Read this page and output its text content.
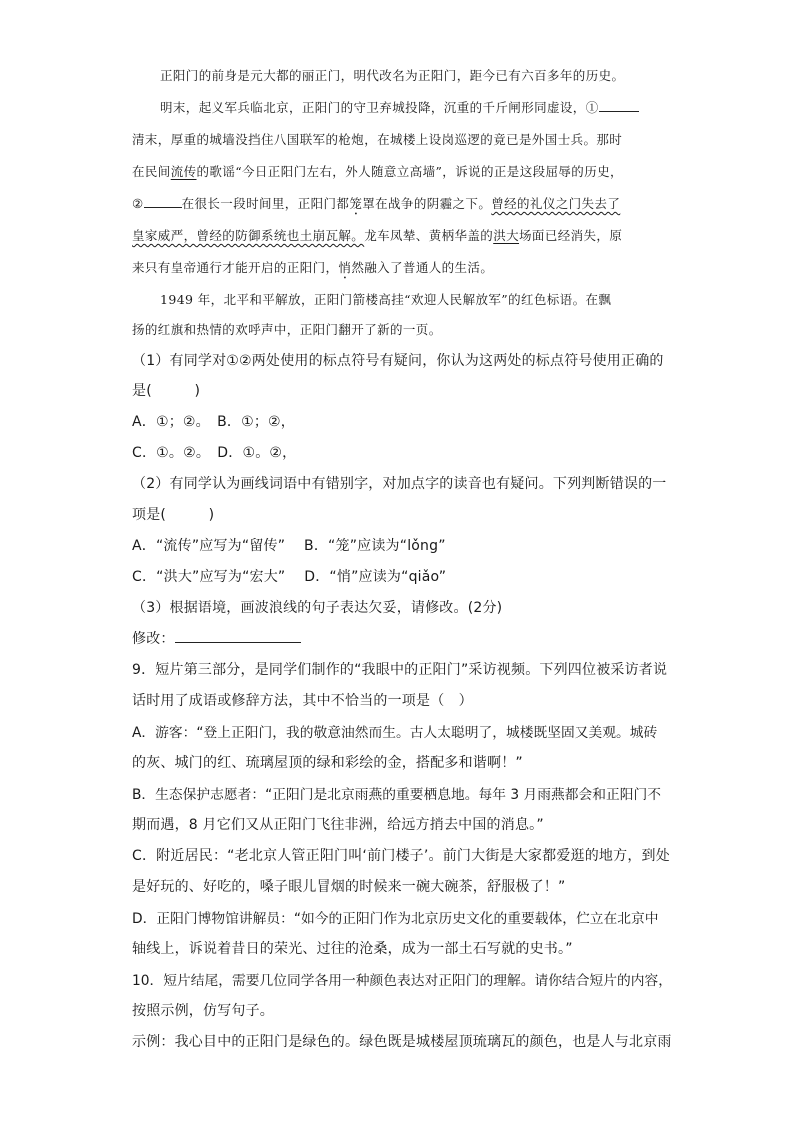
正阳门的前身是元大都的丽正门，明代改名为正阳门，距今已有六百多年的历史。
明末，起义军兵临北京，正阳门的守卫弃城投降，沉重的千斤闸形同虚设，①
清末，厚重的城墙没挡住八国联军的枪炮，在城楼上设岗巡逻的竟已是外国士兵。那时
在民间流传的歌谣“今日正阳门左右，外人随意立高墙”，诉说的正是这段屈辱的历史，
②	在很长一段时间里，正阳门都笼罩在战争的阴霾之下。曾经的礼仪之门失去了
皇家威严，曾经的防御系统也土崩瓦解。龙车凤辇、黄柄华盖的洪大场面已经消失，原
来只有皇帝通行才能开启的正阳门，悄然融入了普通人的生活。
1949 年，北平和平解放，正阳门箭楼高挂“欢迎人民解放军”的红色标语。在飘
扬的红旗和热情的欢呼声中，正阳门翻开了新的一页。
（1）有同学对①②两处使用的标点符号有疑问，你认为这两处的标点符号使用正确的
是(　　　)
A．①；②。　B．①；②，
C．①。②。　D．①。②，
（2）有同学认为画线词语中有错别字，对加点字的读音也有疑问。下列判断错误的一
项是(　　　)
A．“流传”应写为“留传”　 B．“笼”应读为“lǒng”
C．“洪大”应写为“宏大”　 D．“悄”应读为“qiǎo”
（3）根据语境，画波浪线的句子表达欠妥，请修改。(2分)
修改：
9．短片第三部分，是同学们制作的“我眼中的正阳门”采访视频。下列四位被采访者说
话时用了成语或修辞方法，其中不恰当的一项是（　）
A．游客：“登上正阳门，我的敬意油然而生。古人太聪明了，城楼既坚固又美观。城砖
的灰、城门的红、琉璃屋顶的绿和彩绘的金，搭配多和谐啊！”
B．生态保护志愿者：“正阳门是北京雨燕的重要栖息地。每年 3 月雨燕都会和正阳门不
期而遇，8 月它们又从正阳门飞往非洲，给远方捎去中国的消息。”
C．附近居民：“老北京人管正阳门叫‘前门楼子’。前门大街是大家都爱逛的地方，到处
是好玩的、好吃的，嗓子眼儿冒烟的时候来一碗大碗茶，舒服极了！”
D．正阳门博物馆讲解员：“如今的正阳门作为北京历史文化的重要载体，伫立在北京中
轴线上，诉说着昔日的荣光、过往的沧桑，成为一部土石写就的史书。”
10．短片结尾，需要几位同学各用一种颜色表达对正阳门的理解。请你结合短片的内容，
按照示例，仿写句子。
示例：我心目中的正阳门是绿色的。绿色既是城楼屋顶琉璃瓦的颜色，也是人与北京雨
